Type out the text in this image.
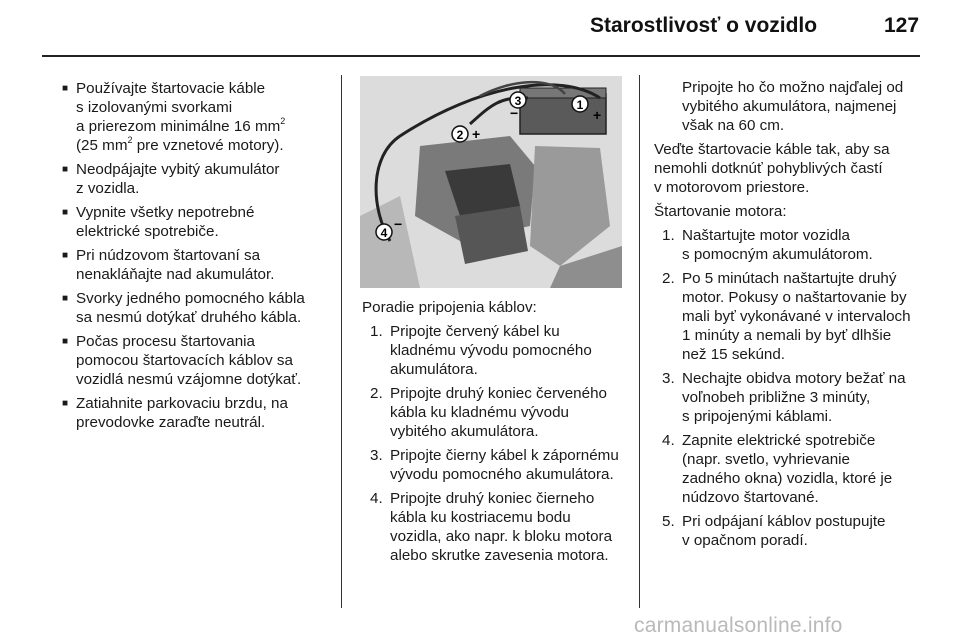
Starostlivosť o vozidlo	127
■ Používajte štartovacie káble
s izolovanými svorkami
a prierezom minimálne 16 $mm^2$
(25 $mm^2$ pre vznetové motory).
■ Neodpájajte vybitý akumulátor
z vozidla.
■ Vypnite všetky nepotrebné
elektrické spotrebiče.
■ Pri núdzovom štartovaní sa
nenakláňajte nad akumulátor.
■ Svorky jedného pomocného kábla
sa nesmú dotýkať druhého kábla.
■ Počas procesu štartovania
pomocou štartovacích káblov sa
vozidlá nesmú vzájomne dotýkať.
■ Zatiahnite parkovaciu brzdu, na
prevodovke zaraďte neutrál.
1
+
2 +
3
−
4
−
Poradie pripojenia káblov:
1. Pripojte červený kábel ku
kladnému vývodu pomocného
akumulátora.
2. Pripojte druhý koniec červeného
kábla ku kladnému vývodu
vybitého akumulátora.
3. Pripojte čierny kábel k zápornému
vývodu pomocného akumulátora.
4. Pripojte druhý koniec čierneho
kábla ku kostriacemu bodu
vozidla, ako napr. k bloku motora
alebo skrutke zavesenia motora.
Pripojte ho čo možno najďalej od
vybitého akumulátora, najmenej
však na 60 cm.
Veďte štartovacie káble tak, aby sa
nemohli dotknúť pohyblivých častí
v motorovom priestore.
Štartovanie motora:
1. Naštartujte motor vozidla
s pomocným akumulátorom.
2. Po 5 minútach naštartujte druhý
motor. Pokusy o naštartovanie by
mali byť vykonávané v intervaloch
1 minúty a nemali by byť dlhšie
než 15 sekúnd.
3. Nechajte obidva motory bežať na
voľnobeh približne 3 minúty,
s pripojenými káblami.
4. Zapnite elektrické spotrebiče
(napr. svetlo, vyhrievanie
zadného okna) vozidla, ktoré je
núdzovo štartované.
5. Pri odpájaní káblov postupujte
v opačnom poradí.
carmanualsonline.info
